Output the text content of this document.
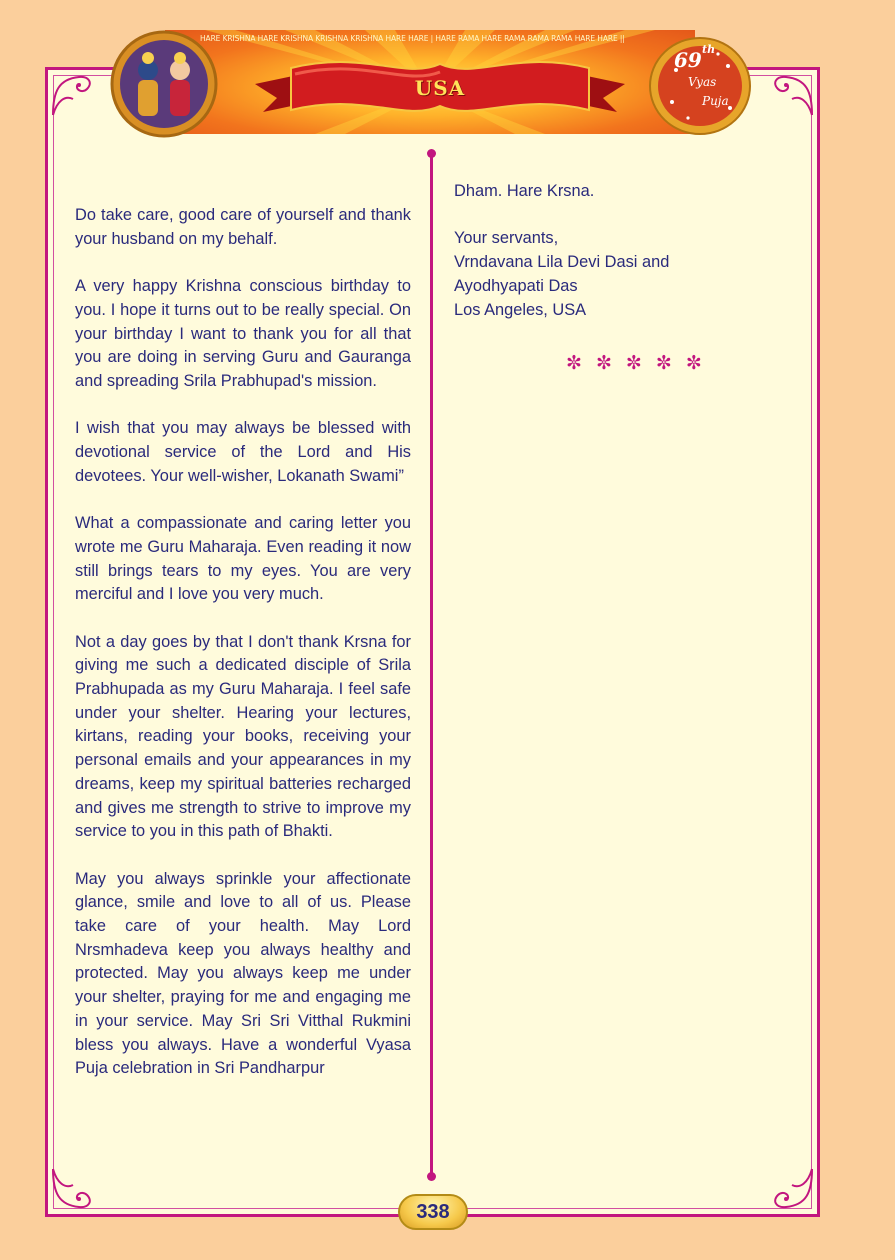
HARE KRISHNA HARE KRISHNA KRISHNA KRISHNA HARE HARE | HARE RAMA HARE RAMA RAMA RAMA HARE HARE ||
USA
69 th
Vyas
Puja

Do take care, good care of yourself and thank your husband on my behalf.

A very happy Krishna conscious birthday to you. I hope it turns out to be really special. On your birthday I want to thank you for all that you are doing in serving Guru and Gauranga and spreading Srila Prabhupad's mission.

I wish that you may always be blessed with devotional service of the Lord and His devotees. Your well-wisher, Lokanath Swami”

What a compassionate and caring letter you wrote me Guru Maharaja. Even reading it now still brings tears to my eyes. You are very merciful and I love you very much.

Not a day goes by that I don't thank Krsna for giving me such a dedicated disciple of Srila Prabhupada as my Guru Maharaja. I feel safe under your shelter. Hearing your lectures, kirtans, reading your books, receiving your personal emails and your appearances in my dreams, keep my spiritual batteries recharged and gives me strength to strive to improve my service to you in this path of Bhakti.

May you always sprinkle your affectionate glance, smile and love to all of us. Please take care of your health. May Lord Nrsmhadeva keep you always healthy and protected. May you always keep me under your shelter, praying for me and engaging me in your service. May Sri Sri Vitthal Rukmini bless you always. Have a wonderful Vyasa Puja celebration in Sri Pandharpur

Dham. Hare Krsna.

Your servants,
Vrndavana Lila Devi Dasi and
Ayodhyapati Das
Los Angeles, USA
✼ ✼ ✼ ✼ ✼
338
